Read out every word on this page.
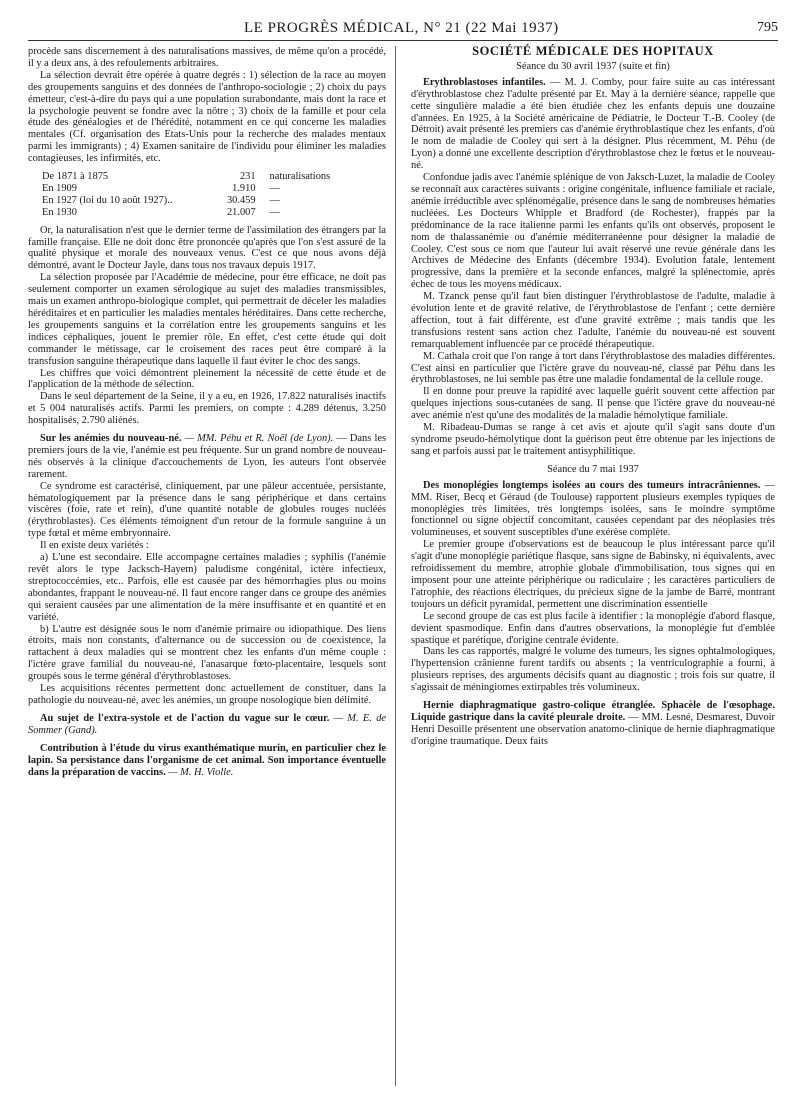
LE PROGRÈS MÉDICAL, N° 21 (22 Mai 1937)	795

procède sans discernement à des naturalisations massives, de même qu'on a procédé, il y a deux ans, à des refoulements arbitraires.

La sélection devrait être opérée à quatre degrés : 1) sélection de la race au moyen des groupements sanguins et des données de l'anthropo-sociologie ; 2) choix du pays émetteur, c'est-à-dire du pays qui a une population surabondante, mais dont la race et la psychologie peuvent se fondre avec la nôtre ; 3) choix de la famille et pour cela étude des généalogies et de l'hérédité, notamment en ce qui concerne les maladies mentales (Cf. organisation des Etats-Unis pour la recherche des malades mentaux parmi les immigrants) ; 4) Examen sanitaire de l'individu pour éliminer les maladies contagieuses, les infirmités, etc.

De 1871 à 1875	231	naturalisations
En 1909	1.910	—
En 1927 (loi du 10 août 1927)..	30.459	—
En 1930	21.007	—

Or, la naturalisation n'est que le dernier terme de l'assimilation des étrangers par la famille française. Elle ne doit donc être prononcée qu'après que l'on s'est assuré de la qualité physique et morale des nouveaux venus. C'est ce que nous avons déjà démontré, avant le Docteur Jayle, dans tous nos travaux depuis 1917.

La sélection proposée par l'Académie de médecine, pour être efficace, ne doit pas seulement comporter un examen sérologique au sujet des maladies transmissibles, mais un examen anthropo-biologique complet, qui permettrait de déceler les maladies héréditaires et en particulier les maladies mentales héréditaires. Dans cette recherche, les groupements sanguins et la corrélation entre les groupements sanguins et les indices céphaliques, jouent le premier rôle. En effet, c'est cette étude qui doit commander le métissage, car le croisement des races peut être comparé à la transfusion sanguine thérapeutique dans laquelle il faut éviter le choc des sangs.

Les chiffres que voici démontrent pleinement la nécessité de cette étude et de l'application de la méthode de sélection.

Dans le seul département de la Seine, il y a eu, en 1926, 17.822 naturalisés inactifs et 5 004 naturalisés actifs. Parmi les premiers, on compte : 4.289 détenus, 3.250 hospitalisés, 2.790 aliénés.

Sur les anémies du nouveau-né. — MM. Péhu et R. Noël (de Lyon). — Dans les premiers jours de la vie, l'anémie est peu fréquente. Sur un grand nombre de nouveau-nés observés à la clinique d'accouchements de Lyon, les auteurs l'ont observée rarement.

Ce syndrome est caractérisé, cliniquement, par une pâleur accentuée, persistante, hématologiquement par la présence dans le sang périphérique et dans certains viscères (foie, rate et rein), d'une quantité notable de globules rouges nucléés (érythroblastes). Ces éléments témoignent d'un retour de la formule sanguine à un type fœtal et même embryonnaire.

Il en existe deux variétés :

a) L'une est secondaire. Elle accompagne certaines maladies ; syphilis (l'anémie revêt alors le type Jacksch-Hayem) paludisme congénital, ictère infectieux, streptococcémies, etc.. Parfois, elle est causée par des hémorrhagies plus ou moins abondantes, frappant le nouveau-né. Il faut encore ranger dans ce groupe des anémies qui seraient causées par une alimentation de la mère insuffisante et en quantité et en variété.

b) L'autre est désignée sous le nom d'anémie primaire ou idiopathique. Des liens étroits, mais non constants, d'alternance ou de succession ou de coexistence, la rattachent à deux maladies qui se montrent chez les enfants d'un même couple : l'ictère grave familial du nouveau-né, l'anasarque fœto-placentaire, lesquels sont groupés sous le terme général d'érythroblastoses.

Les acquisitions récentes permettent donc actuellement de constituer, dans la pathologie du nouveau-né, avec les anémies, un groupe nosologique bien délimité.

Au sujet de l'extra-systole et de l'action du vague sur le cœur. — M. E. de Sommer (Gand).

Contribution à l'étude du virus exanthématique murin, en particulier chez le lapin. Sa persistance dans l'organisme de cet animal. Son importance éventuelle dans la préparation de vaccins. — M. H. Violle.

SOCIÉTÉ MÉDICALE DES HOPITAUX
Séance du 30 avril 1937 (suite et fin)

Erythroblastoses infantiles. — M. J. Comby, pour faire suite au cas intéressant d'érythroblastose chez l'adulte présenté par Et. May à la dernière séance, rappelle que cette singulière maladie a été bien étudiée chez les enfants depuis une douzaine d'années. En 1925, à la Société américaine de Pédiatrie, le Docteur T.-B. Cooley (de Détroit) avait présenté les premiers cas d'anémie érythroblastique chez les enfants, d'où le nom de maladie de Cooley qui sert à la désigner. Plus récemment, M. Péhu (de Lyon) a donné une excellente description d'érythroblastose chez le fœtus et le nouveau-né.

Confondue jadis avec l'anémie splénique de von Jaksch-Luzet, la maladie de Cooley se reconnaît aux caractères suivants : origine congénitale, influence familiale et raciale, anémie irréductible avec splénomégalie, présence dans le sang de nombreuses hématies nucléées. Les Docteurs Whipple et Bradford (de Rochester), frappés par la prédominance de la race italienne parmi les enfants qu'ils ont observés, proposent le nom de thalassanémie ou d'anémie méditerranéenne pour désigner la maladie de Cooley. C'est sous ce nom que l'auteur lui avait réservé une revue générale dans les Archives de Médecine des Enfants (décembre 1934). Evolution fatale, lentement progressive, dans la première et la seconde enfances, malgré la splénectomie, après échec de tous les moyens médicaux.

M. Tzanck pense qu'il faut bien distinguer l'érythroblastose de l'adulte, maladie à évolution lente et de gravité relative, de l'érythroblastose de l'enfant ; cette dernière affection, tout à fait différente, est d'une gravité extrême ; mais tandis que les transfusions restent sans action chez l'adulte, l'anémie du nouveau-né est souvent remarquablement influencée par ce procédé thérapeutique.

M. Cathala croit que l'on range à tort dans l'érythroblastose des maladies différentes. C'est ainsi en particulier que l'ictère grave du nouveau-né, classé par Péhu dans les érythroblastoses, ne lui semble pas être une maladie fondamental de la cellule rouge.

Il en donne pour preuve la rapidité avec laquelle guérit souvent cette affection par quelques injections sous-cutanées de sang. Il pense que l'ictère grave du nouveau-né avec anémie n'est qu'une des modalités de la maladie hémolytique familiale.

M. Ribadeau-Dumas se range à cet avis et ajoute qu'il s'agit sans doute d'un syndrome pseudo-hémolytique dont la guérison peut être obtenue par les injections de sang et parfois aussi par le traitement antisyphilitique.

Séance du 7 mai 1937

Des monoplégies longtemps isolées au cours des tumeurs intracrâniennes. — MM. Riser, Becq et Géraud (de Toulouse) rapportent plusieurs exemples typiques de monoplégies très limitées, très longtemps isolées, sans le moindre symptôme fonctionnel ou signe objectif concomitant, causées cependant par des néoplasies très volumineuses, et souvent susceptibles d'une exérèse complète.

Le premier groupe d'observations est de beaucoup le plus intéressant parce qu'il s'agit d'une monoplégie pariétique flasque, sans signe de Babinsky, ni équivalents, avec refroidissement du membre, atrophie globale d'immobilisation, tous signes qui en imposent pour une atteinte périphérique ou radiculaire ; les caractères particuliers de l'atrophie, des réactions électriques, du précieux signe de la jambe de Barré, montrant toujours un déficit pyramidal, permettent une discrimination essentielle

Le second groupe de cas est plus facile à identifier : la monoplégie d'abord flasque, devient spasmodique. Enfin dans d'autres observations, la monoplégie fut d'emblée spastique et parétique, d'origine centrale évidente.

Dans les cas rapportés, malgré le volume des tumeurs, les signes ophtalmologiques, l'hypertension crânienne furent tardifs ou absents ; la ventriculographie a fourni, à plusieurs reprises, des arguments décisifs quant au diagnostic ; trois fois sur quatre, il s'agissait de méningiomes extirpables très volumineux.

Hernie diaphragmatique gastro-colique étranglée. Sphacèle de l'œsophage. Liquide gastrique dans la cavité pleurale droite. — MM. Lesné, Desmarest, Duvoir Henri Desoille présentent une observation anatomo-clinique de hernie diaphragmatique d'origine traumatique. Deux faits
